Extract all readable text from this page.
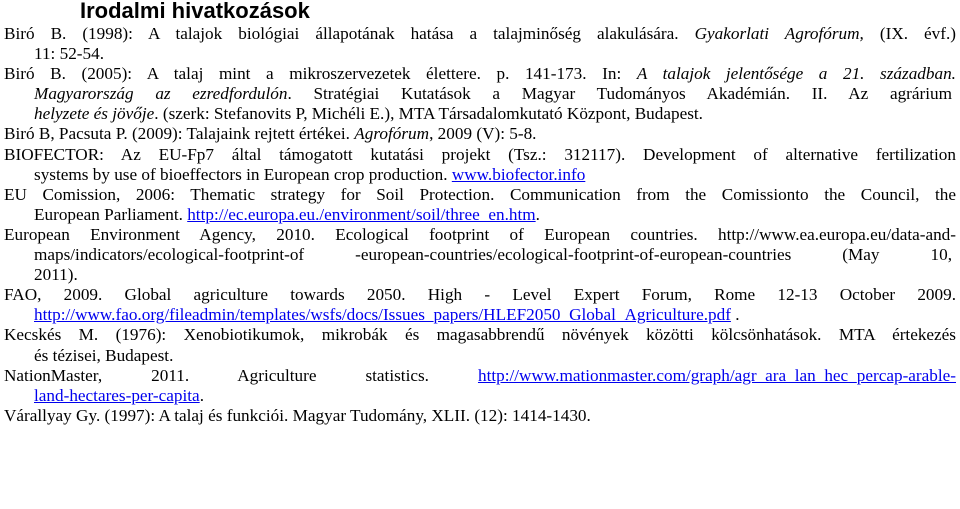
Irodalmi hivatkozások
Biró B. (1998): A talajok biológiai állapotának hatása a talajminőség alakulására. Gyakorlati Agrofórum, (IX. évf.)
11: 52-54.
Biró B. (2005): A talaj mint a mikroszervezetek élettere. p. 141-173. In: A talajok jelentősége a 21. században.
Magyarország az ezredfordulón. Stratégiai Kutatások a Magyar Tudományos Akadémián. II. Az agrárium
helyzete és jövője. (szerk: Stefanovits P, Michéli E.), MTA Társadalomkutató Központ, Budapest.
Biró B, Pacsuta P. (2009): Talajaink rejtett értékei. Agrofórum, 2009 (V): 5-8.
BIOFECTOR: Az EU-Fp7 által támogatott kutatási projekt (Tsz.: 312117). Development of alternative fertilization
systems by use of bioeffectors in European crop production. www.biofector.info
EU Comission, 2006: Thematic strategy for Soil Protection. Communication from the Comissionto the Council, the
European Parliament. http://ec.europa.eu./environment/soil/three_en.htm.
European Environment Agency, 2010. Ecological footprint of European countries. http://www.ea.europa.eu/data-and-
maps/indicators/ecological-footprint-of -european-countries/ecological-footprint-of-european-countries (May 10,
2011).
FAO, 2009. Global agriculture towards 2050. High - Level Expert Forum, Rome 12-13 October 2009.
http://www.fao.org/fileadmin/templates/wsfs/docs/Issues_papers/HLEF2050_Global_Agriculture.pdf .
Kecskés M. (1976): Xenobiotikumok, mikrobák és magasabbrendű növények közötti kölcsönhatások. MTA értekezés
és tézisei, Budapest.
NationMaster, 2011. Agriculture statistics. http://www.mationmaster.com/graph/agr_ara_lan_hec_percap-arable-
land-hectares-per-capita.
Várallyay Gy. (1997): A talaj és funkciói. Magyar Tudomány, XLII. (12): 1414-1430.
